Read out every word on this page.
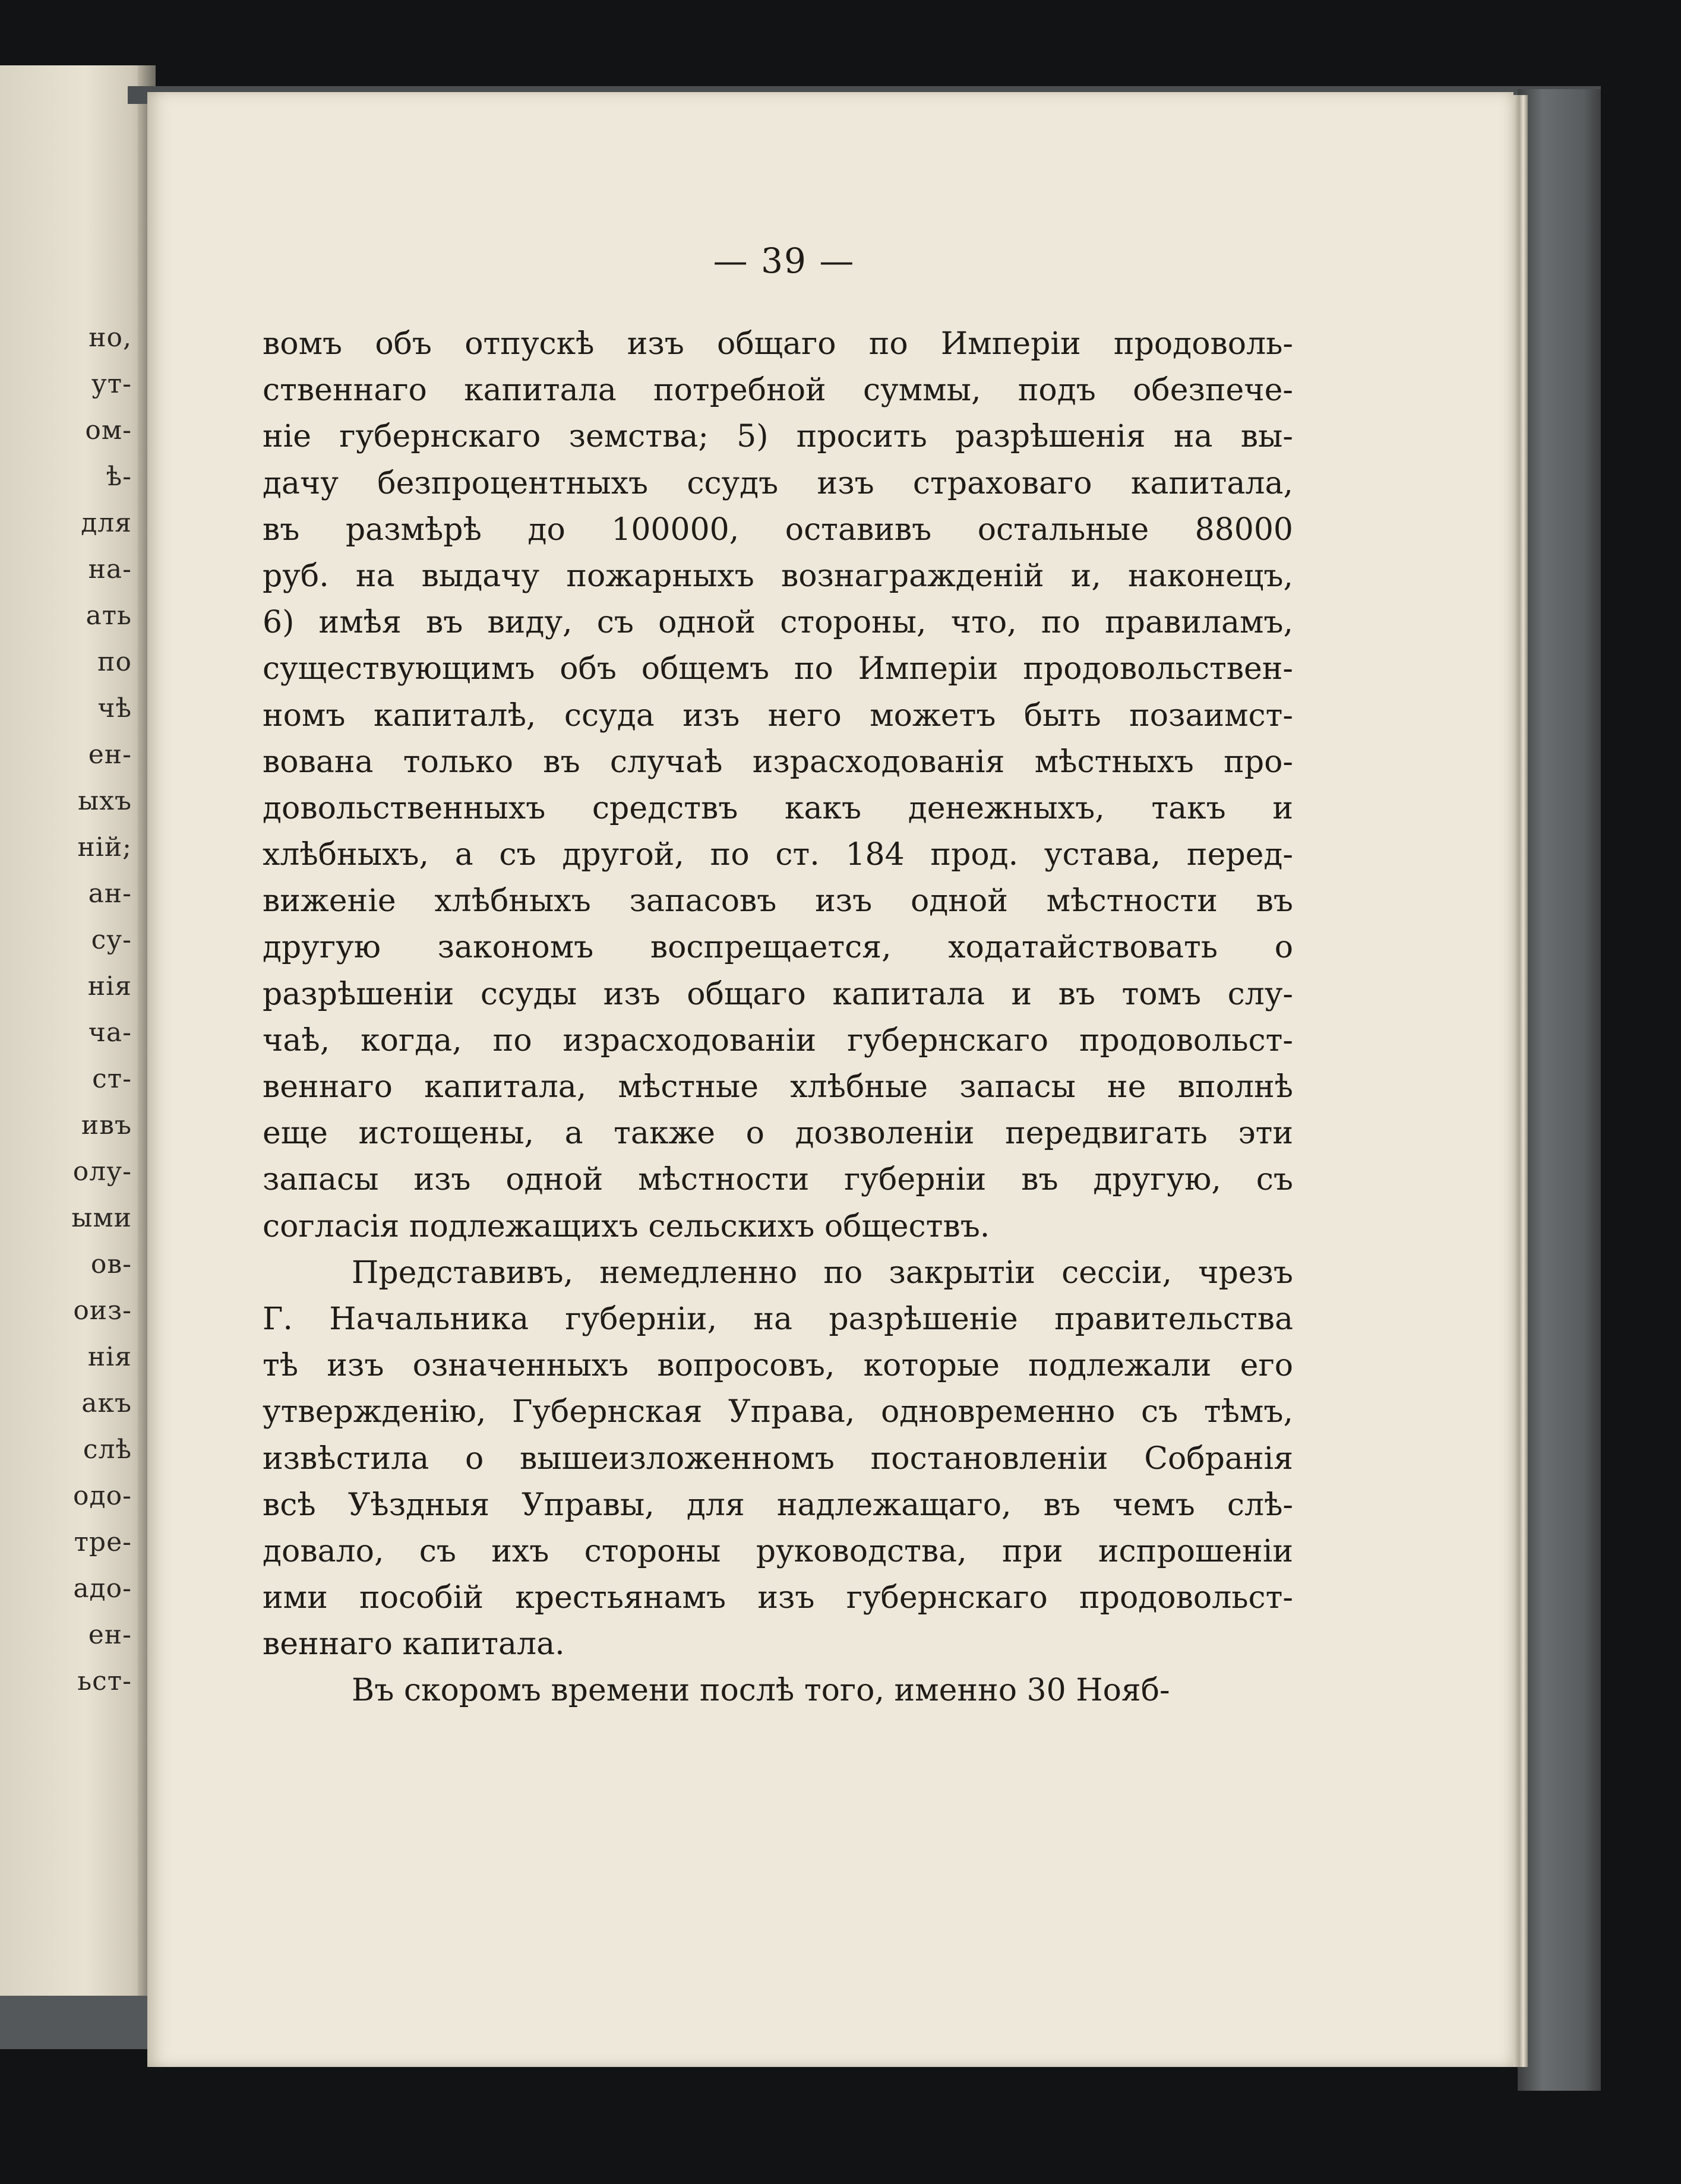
но,
ут-
ом-
ѣ-
для
на-
ать
по
чѣ
ен-
ыхъ
ній;
ан-
су-
нія
ча-
ст-
ивъ
олу-
ыми
ов-
оиз-
нія
акъ
слѣ
одо-
тре-
адо-
ен-
ьст-
— 39 —
вомъ объ отпускѣ изъ общаго по Имперіи продоволь-
ственнаго капитала потребной суммы, подъ обезпече-
ніе губернскаго земства; 5) просить разрѣшенія на вы-
дачу безпроцентныхъ ссудъ изъ страховаго капитала,
въ размѣрѣ до 100000, оставивъ остальные 88000
руб. на выдачу пожарныхъ вознагражденій и, наконецъ,
6) имѣя въ виду, съ одной стороны, что, по правиламъ,
существующимъ объ общемъ по Имперіи продовольствен-
номъ капиталѣ, ссуда изъ него можетъ быть позаимст-
вована только въ случаѣ израсходованія мѣстныхъ про-
довольственныхъ средствъ какъ денежныхъ, такъ и
хлѣбныхъ, а съ другой, по ст. 184 прод. устава, перед-
виженіе хлѣбныхъ запасовъ изъ одной мѣстности въ
другую закономъ воспрещается, ходатайствовать о
разрѣшеніи ссуды изъ общаго капитала и въ томъ слу-
чаѣ, когда, по израсходованіи губернскаго продовольст-
веннаго капитала, мѣстные хлѣбные запасы не вполнѣ
еще истощены, а также о дозволеніи передвигать эти
запасы изъ одной мѣстности губерніи въ другую, съ
согласія подлежащихъ сельскихъ обществъ.
Представивъ, немедленно по закрытіи сессіи, чрезъ
Г. Начальника губерніи, на разрѣшеніе правительства
тѣ изъ означенныхъ вопросовъ, которые подлежали его
утвержденію, Губернская Управа, одновременно съ тѣмъ,
извѣстила о вышеизложенномъ постановленіи Собранія
всѣ Уѣздныя Управы, для надлежащаго, въ чемъ слѣ-
довало, съ ихъ стороны руководства, при испрошеніи
ими пособій крестьянамъ изъ губернскаго продовольст-
веннаго капитала.
Въ скоромъ времени послѣ того, именно 30 Нояб-
